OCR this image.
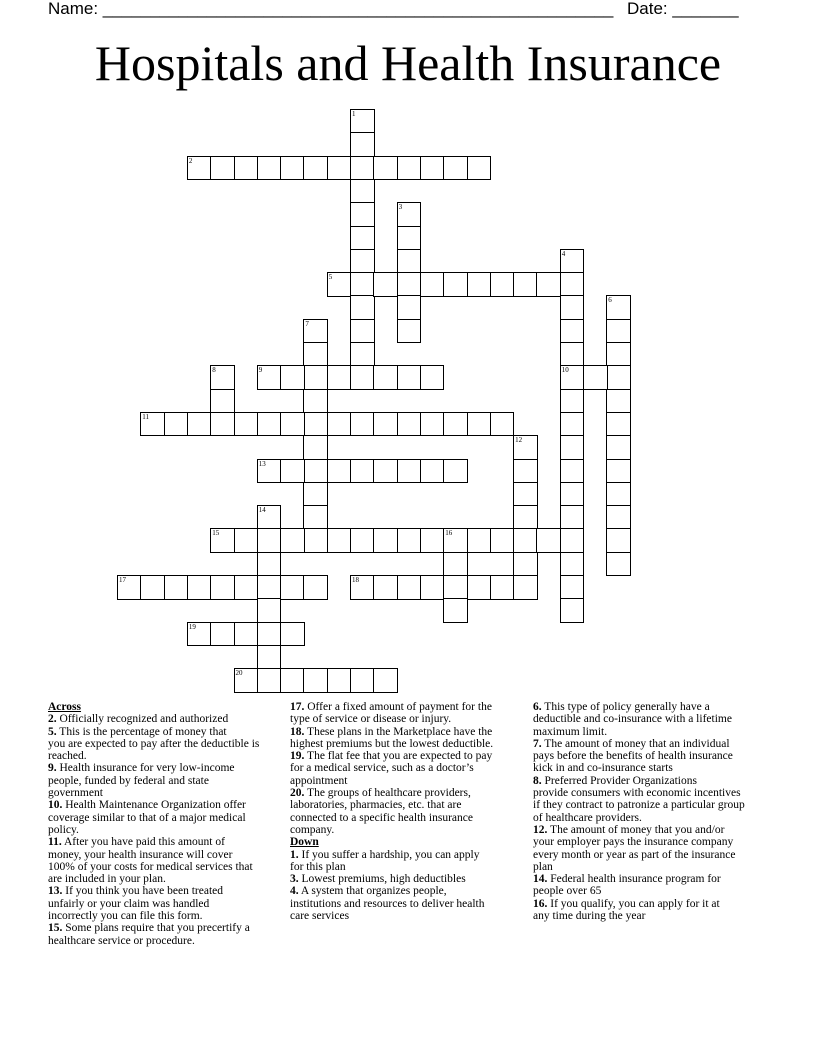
Name: ______________________________________________________ Date: _______
Hospitals and Health Insurance
1
2
3
4
10
5
6
7
8	9
11
12
13
14
15	16
17	18
19
20
Across
2. Officially recognized and authorized
5. This is the percentage of money that
you are expected to pay after the deductible is
reached.
9. Health insurance for very low-income
people, funded by federal and state
government
10. Health Maintenance Organization offer
coverage similar to that of a major medical
policy.
11. After you have paid this amount of
money, your health insurance will cover
100% of your costs for medical services that
are included in your plan.
13. If you think you have been treated
unfairly or your claim was handled
incorrectly you can file this form.
15. Some plans require that you precertify a
healthcare service or procedure.
17. Offer a fixed amount of payment for the
type of service or disease or injury.
18. These plans in the Marketplace have the
highest premiums but the lowest deductible.
19. The flat fee that you are expected to pay
for a medical service, such as a doctor’s
appointment
20. The groups of healthcare providers,
laboratories, pharmacies, etc. that are
connected to a specific health insurance
company.
Down
1. If you suffer a hardship, you can apply
for this plan
3. Lowest premiums, high deductibles
4. A system that organizes people,
institutions and resources to deliver health
care services
6. This type of policy generally have a
deductible and co-insurance with a lifetime
maximum limit.
7. The amount of money that an individual
pays before the benefits of health insurance
kick in and co-insurance starts
8. Preferred Provider Organizations
provide consumers with economic incentives
if they contract to patronize a particular group
of healthcare providers.
12. The amount of money that you and/or
your employer pays the insurance company
every month or year as part of the insurance
plan
14. Federal health insurance program for
people over 65
16. If you qualify, you can apply for it at
any time during the year
